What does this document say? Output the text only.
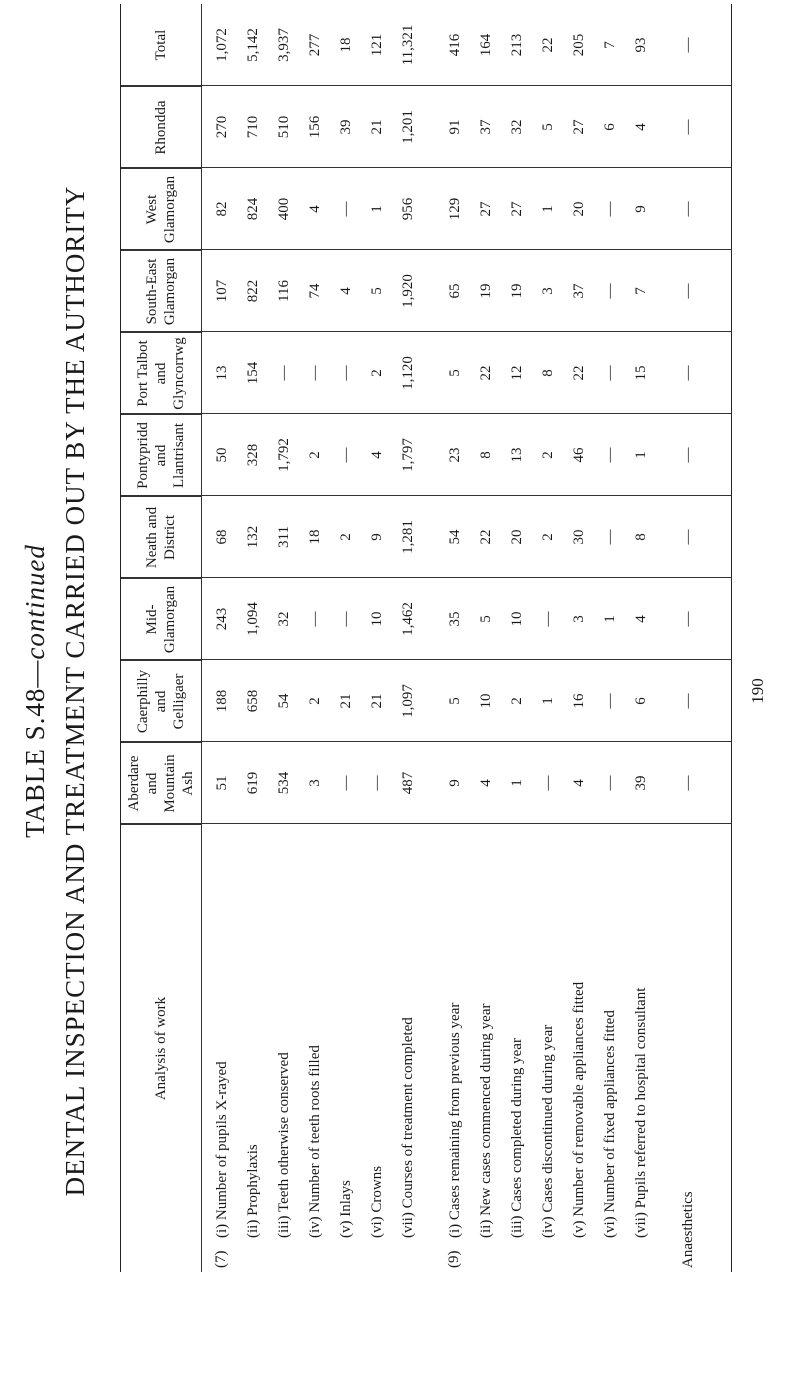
TABLE S.48—continued DENTAL INSPECTION AND TREATMENT CARRIED OUT BY THE AUTHORITY	Analysis of work
Aberdare and Mountain Ash
Caerphilly and Gelligaer
Mid-Glamorgan
Neath and District
Pontypridd and Llantrisant
Port Talbot and Glyncorrwg
South-East Glamorgan
West Glamorgan
Rhondda
Total
(7)
(i) Number of pupils X-rayed
51
188
243
68
50
13
107
82
270
1,072
(ii) Prophylaxis
619
658
1,094
132
328
154
822
824
710
5,142
(iii) Teeth otherwise conserved
534
54
32
311
1,792
—
116
400
510
3,937
(iv) Number of teeth roots filled
3
2
—
18
2
—
74
4
156
277
(v) Inlays
—
21
—
2
—
—
4
—
39
18
(vi) Crowns
—
21
10
9
4
2
5
1
21
121
(vii) Courses of treatment completed
487
1,097
1,462
1,281
1,797
1,120
1,920
956
1,201
11,321
(9)
(i) Cases remaining from previous year
9
5
35
54
23
5
65
129
91
416
(ii) New cases commenced during year
4
10
5
22
8
22
19
27
37
164
(iii) Cases completed during year
1
2
10
20
13
12
19
27
32
213
(iv) Cases discontinued during year
—
1
—
2
2
8
3
1
5
22
(v) Number of removable appliances fitted
4
16
3
30
46
22
37
20
27
205
(vi) Number of fixed appliances fitted
—
—
1
—
—
—
—
—
6
7
(vii) Pupils referred to hospital consultant
39
6
4
8
1
15
7
9
4
93
Anaesthetics
—
—
—
—
—
—
—
—
—
—
190
